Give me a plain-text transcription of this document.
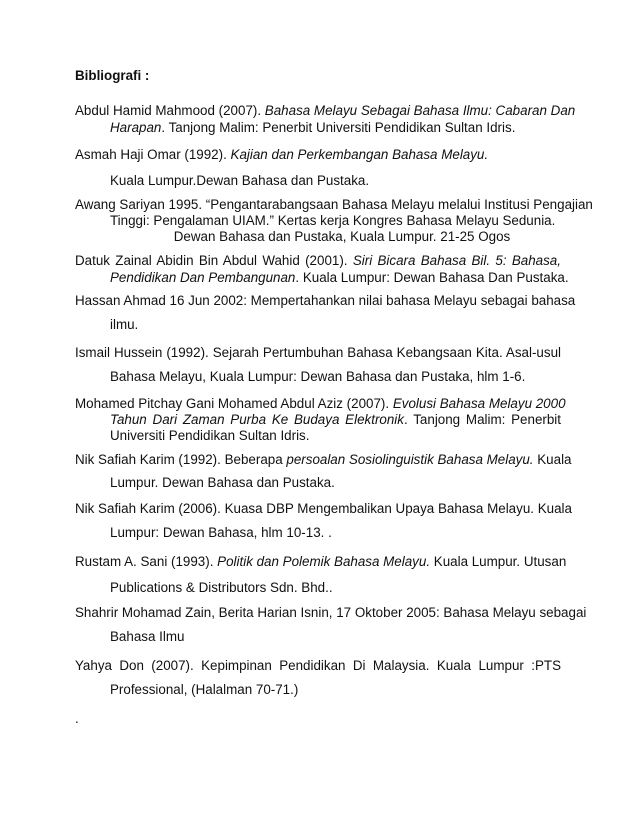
Bibliografi :
Abdul Hamid Mahmood (2007). Bahasa Melayu Sebagai Bahasa Ilmu: Cabaran Dan
Harapan. Tanjong Malim: Penerbit Universiti Pendidikan Sultan Idris.
Asmah Haji Omar (1992). Kajian dan Perkembangan Bahasa Melayu.
Kuala Lumpur.Dewan Bahasa dan Pustaka.
Awang Sariyan 1995. “Pengantarabangsaan Bahasa Melayu melalui Institusi Pengajian
Tinggi: Pengalaman UIAM.” Kertas kerja Kongres Bahasa Melayu Sedunia.
Dewan Bahasa dan Pustaka, Kuala Lumpur. 21-25 Ogos
Datuk Zainal Abidin Bin Abdul Wahid (2001). Siri Bicara Bahasa Bil. 5: Bahasa,
Pendidikan Dan Pembangunan. Kuala Lumpur: Dewan Bahasa Dan Pustaka.
Hassan Ahmad 16 Jun 2002: Mempertahankan nilai bahasa Melayu sebagai bahasa
ilmu.
Ismail Hussein (1992). Sejarah Pertumbuhan Bahasa Kebangsaan Kita. Asal-usul
Bahasa Melayu, Kuala Lumpur: Dewan Bahasa dan Pustaka, hlm 1-6.
Mohamed Pitchay Gani Mohamed Abdul Aziz (2007). Evolusi Bahasa Melayu 2000
Tahun Dari Zaman Purba Ke Budaya Elektronik. Tanjong Malim: Penerbit
Universiti Pendidikan Sultan Idris.
Nik Safiah Karim (1992). Beberapa persoalan Sosiolinguistik Bahasa Melayu. Kuala
Lumpur. Dewan Bahasa dan Pustaka.
Nik Safiah Karim (2006). Kuasa DBP Mengembalikan Upaya Bahasa Melayu. Kuala
Lumpur: Dewan Bahasa, hlm 10-13. .
Rustam A. Sani (1993). Politik dan Polemik Bahasa Melayu. Kuala Lumpur. Utusan
Publications & Distributors Sdn. Bhd..
Shahrir Mohamad Zain, Berita Harian Isnin, 17 Oktober 2005: Bahasa Melayu sebagai
Bahasa Ilmu
Yahya Don (2007). Kepimpinan Pendidikan Di Malaysia. Kuala Lumpur :PTS
Professional, (Halalman 70-71.)
.
